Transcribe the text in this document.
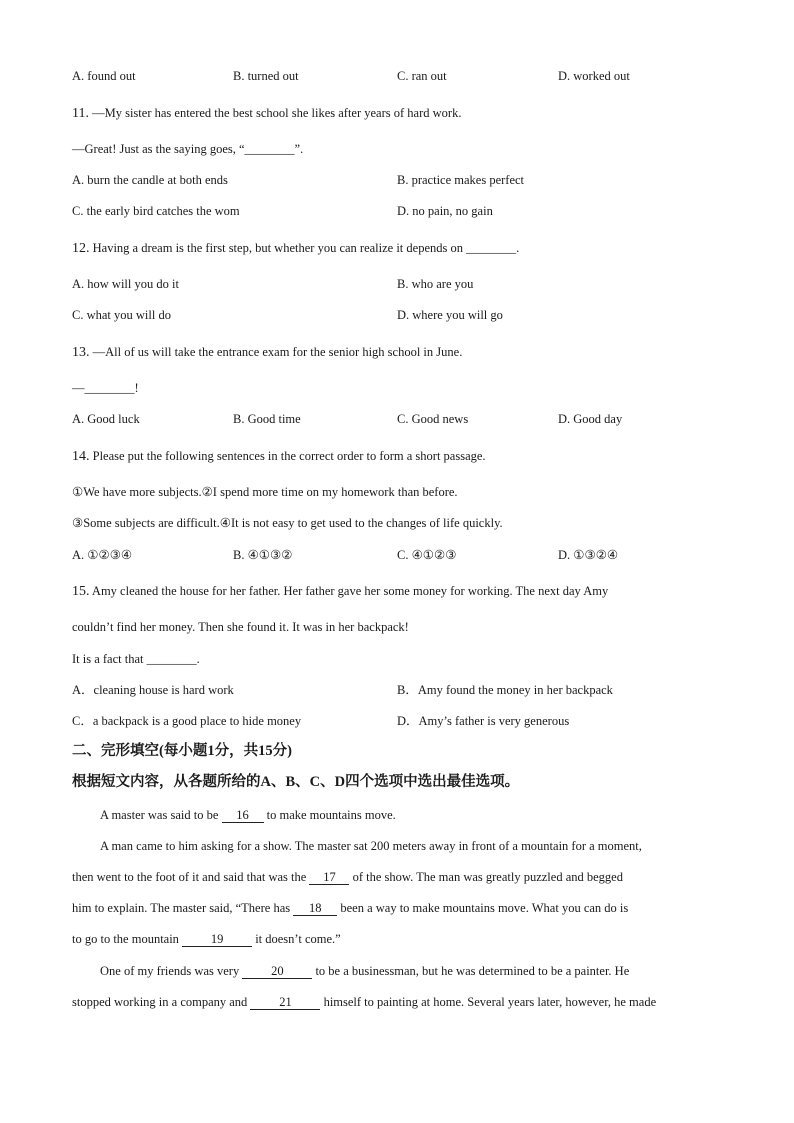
A. found out	B. turned out	C. ran out	D. worked out
11. —My sister has entered the best school she likes after years of hard work.
—Great! Just as the saying goes, “________”.
A. burn the candle at both ends	B. practice makes perfect
C. the early bird catches the wom	D. no pain, no gain
12. Having a dream is the first step, but whether you can realize it depends on ________.
A. how will you do it	B. who are you
C. what you will do	D. where you will go
13. —All of us will take the entrance exam for the senior high school in June.
—________!
A. Good luck	B. Good time	C. Good news	D. Good day
14. Please put the following sentences in the correct order to form a short passage.
①We have more subjects.②I spend more time on my homework than before.
③Some subjects are difficult.④It is not easy to get used to the changes of life quickly.
A. ①②③④	B. ④①③②	C. ④①②③	D. ①③②④
15. Amy cleaned the house for her father. Her father gave her some money for working. The next day Amy
couldn’t find her money. Then she found it. It was in her backpack!
It is a fact that ________.
A．cleaning house is hard work	B．Amy found the money in her backpack
C．a backpack is a good place to hide money	D．Amy’s father is very generous
二、完形填空(每小题1分，共15分)
根据短文内容，从各题所给的A、B、C、D四个选项中选出最佳选项。
A master was said to be 16 to make mountains move.
A man came to him asking for a show. The master sat 200 meters away in front of a mountain for a moment,
then went to the foot of it and said that was the 17 of the show. The man was greatly puzzled and begged
him to explain. The master said, “There has 18 been a way to make mountains move. What you can do is
to go to the mountain 19 it doesn’t come.”
One of my friends was very 20 to be a businessman, but he was determined to be a painter. He
stopped working in a company and 21 himself to painting at home. Several years later, however, he made
